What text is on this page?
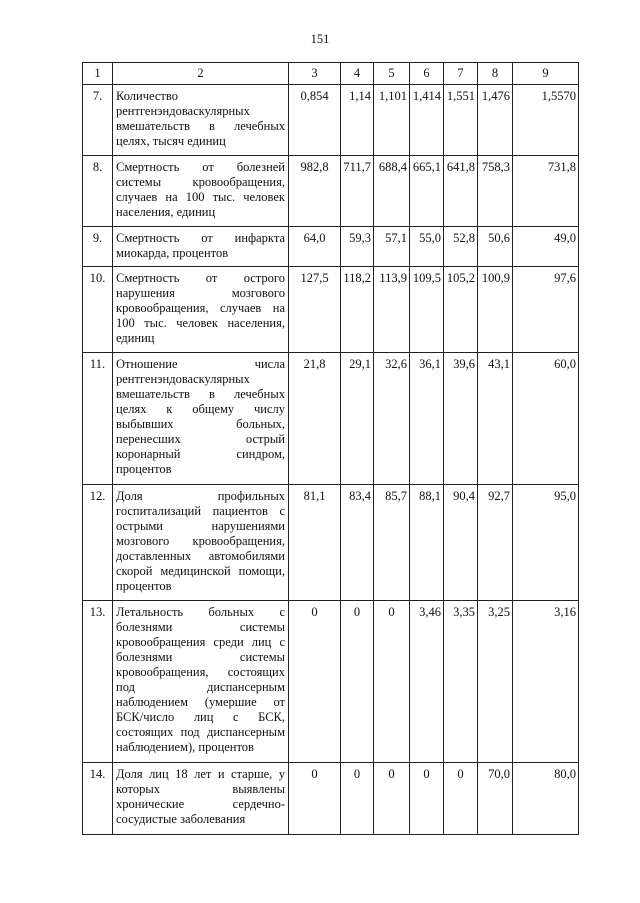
151
1	2	3	4	5	6	7	8	9
7.	Количество рентгенэндоваскулярных вмешательств в лечебных целях, тысяч единиц	0,854	1,14	1,101	1,414	1,551	1,476	1,5570
8.	Смертность от болезней системы кровообращения, случаев на 100 тыс. человек населения, единиц	982,8	711,7	688,4	665,1	641,8	758,3	731,8
9.	Смертность от инфаркта миокарда, процентов	64,0	59,3	57,1	55,0	52,8	50,6	49,0
10.	Смертность от острого нарушения мозгового кровообращения, случаев на 100 тыс. человек населения, единиц	127,5	118,2	113,9	109,5	105,2	100,9	97,6
11.	Отношение числа рентгенэндоваскулярных вмешательств в лечебных целях к общему числу выбывших больных, перенесших острый коронарный синдром, процентов	21,8	29,1	32,6	36,1	39,6	43,1	60,0
12.	Доля профильных госпитализаций пациентов с острыми нарушениями мозгового кровообращения, доставленных автомобилями скорой медицинской помощи, процентов	81,1	83,4	85,7	88,1	90,4	92,7	95,0
13.	Летальность больных с болезнями системы кровообращения среди лиц с болезнями системы кровообращения, состоящих под диспансерным наблюдением (умершие от БСК/число лиц с БСК, состоящих под диспансерным наблюдением), процентов	0	0	0	3,46	3,35	3,25	3,16
14.	Доля лиц 18 лет и старше, у которых выявлены хронические сердечно-сосудистые заболевания	0	0	0	0	0	70,0	80,0
